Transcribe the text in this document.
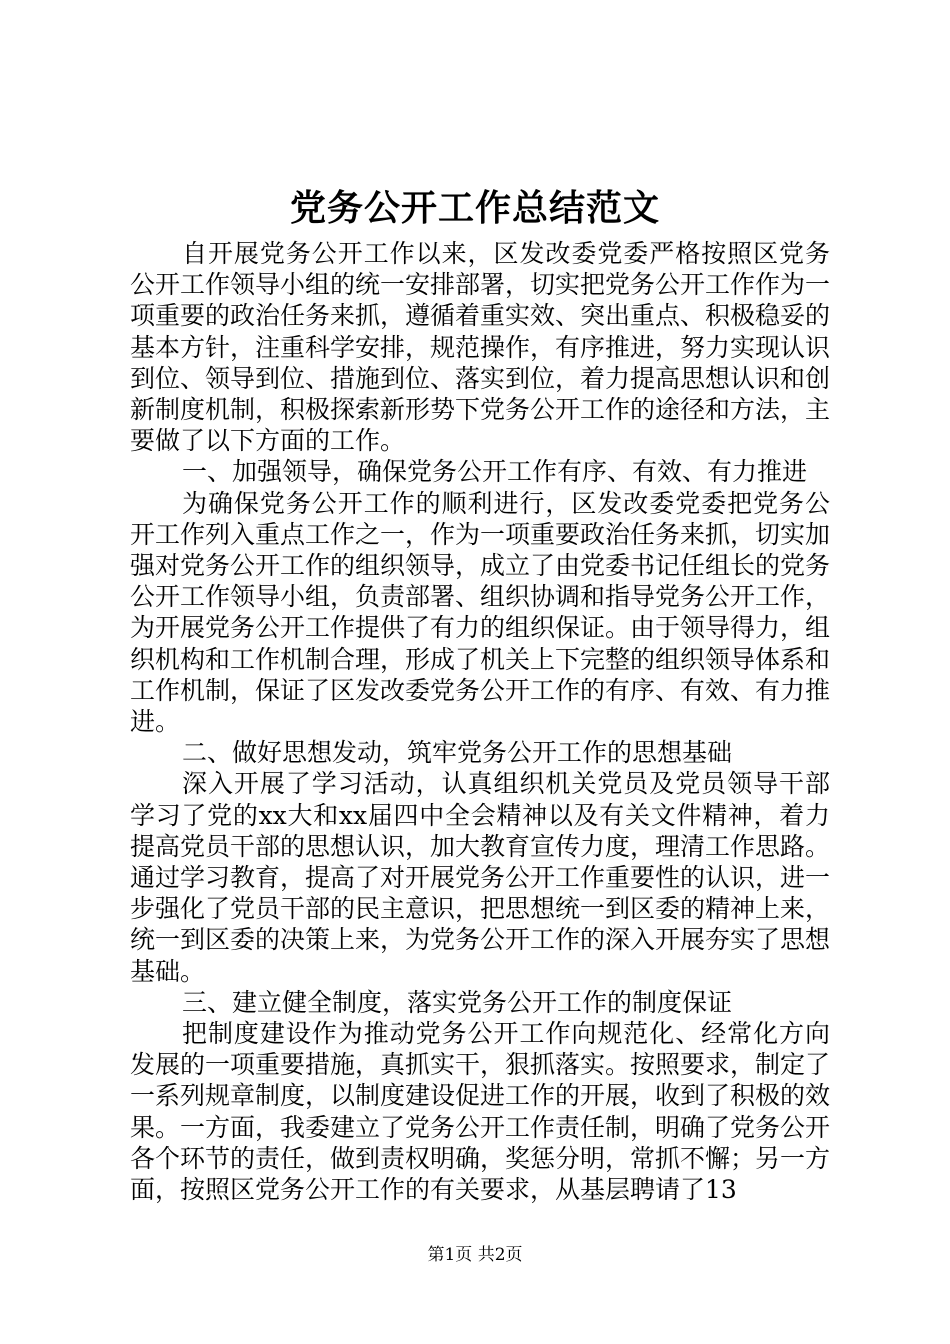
党务公开工作总结范文

自开展党务公开工作以来，区发改委党委严格按照区党务公开工作领导小组的统一安排部署，切实把党务公开工作作为一项重要的政治任务来抓，遵循着重实效、突出重点、积极稳妥的基本方针，注重科学安排，规范操作，有序推进，努力实现认识到位、领导到位、措施到位、落实到位，着力提高思想认识和创新制度机制，积极探索新形势下党务公开工作的途径和方法，主要做了以下方面的工作。

一、加强领导，确保党务公开工作有序、有效、有力推进

为确保党务公开工作的顺利进行，区发改委党委把党务公开工作列入重点工作之一，作为一项重要政治任务来抓，切实加强对党务公开工作的组织领导，成立了由党委书记任组长的党务公开工作领导小组，负责部署、组织协调和指导党务公开工作，为开展党务公开工作提供了有力的组织保证。由于领导得力，组织机构和工作机制合理，形成了机关上下完整的组织领导体系和工作机制，保证了区发改委党务公开工作的有序、有效、有力推进。

二、做好思想发动，筑牢党务公开工作的思想基础

深入开展了学习活动，认真组织机关党员及党员领导干部学习了党的xx大和xx届四中全会精神以及有关文件精神，着力提高党员干部的思想认识，加大教育宣传力度，理清工作思路。通过学习教育，提高了对开展党务公开工作重要性的认识，进一步强化了党员干部的民主意识，把思想统一到区委的精神上来，统一到区委的决策上来，为党务公开工作的深入开展夯实了思想基础。

三、建立健全制度，落实党务公开工作的制度保证

把制度建设作为推动党务公开工作向规范化、经常化方向发展的一项重要措施，真抓实干，狠抓落实。按照要求，制定了一系列规章制度，以制度建设促进工作的开展，收到了积极的效果。一方面，我委建立了党务公开工作责任制，明确了党务公开各个环节的责任，做到责权明确，奖惩分明，常抓不懈；另一方面，按照区党务公开工作的有关要求，从基层聘请了13

第1页 共2页
